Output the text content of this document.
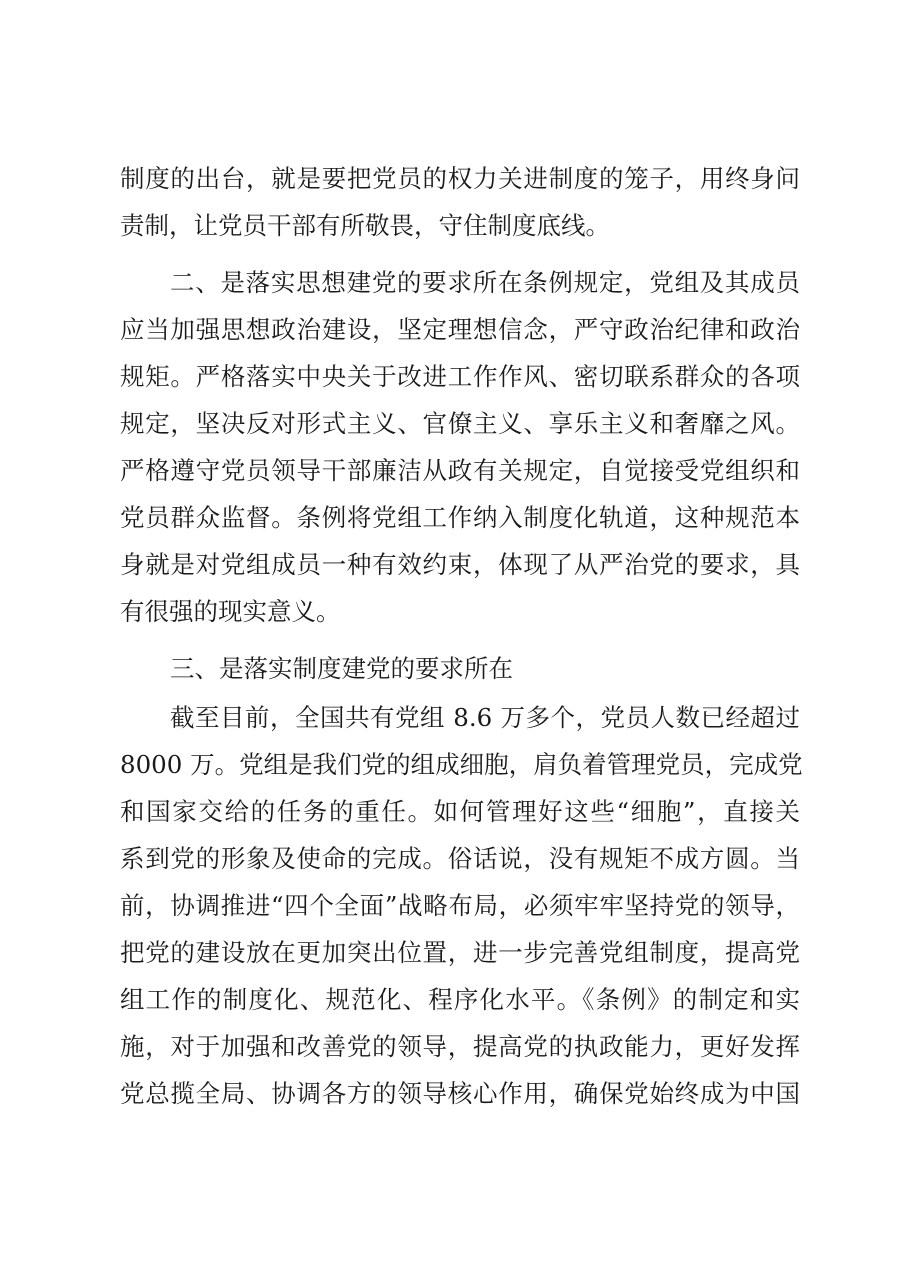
制度的出台，就是要把党员的权力关进制度的笼子，用终身问
责制，让党员干部有所敬畏，守住制度底线。
二、是落实思想建党的要求所在条例规定，党组及其成员
应当加强思想政治建设，坚定理想信念，严守政治纪律和政治
规矩。严格落实中央关于改进工作作风、密切联系群众的各项
规定，坚决反对形式主义、官僚主义、享乐主义和奢靡之风。
严格遵守党员领导干部廉洁从政有关规定，自觉接受党组织和
党员群众监督。条例将党组工作纳入制度化轨道，这种规范本
身就是对党组成员一种有效约束，体现了从严治党的要求，具
有很强的现实意义。
三、是落实制度建党的要求所在
截至目前，全国共有党组 8.6 万多个，党员人数已经超过
8000 万。党组是我们党的组成细胞，肩负着管理党员，完成党
和国家交给的任务的重任。如何管理好这些“细胞”，直接关
系到党的形象及使命的完成。俗话说，没有规矩不成方圆。当
前，协调推进“四个全面”战略布局，必须牢牢坚持党的领导，
把党的建设放在更加突出位置，进一步完善党组制度，提高党
组工作的制度化、规范化、程序化水平。《条例》的制定和实
施，对于加强和改善党的领导，提高党的执政能力，更好发挥
党总揽全局、协调各方的领导核心作用，确保党始终成为中国
